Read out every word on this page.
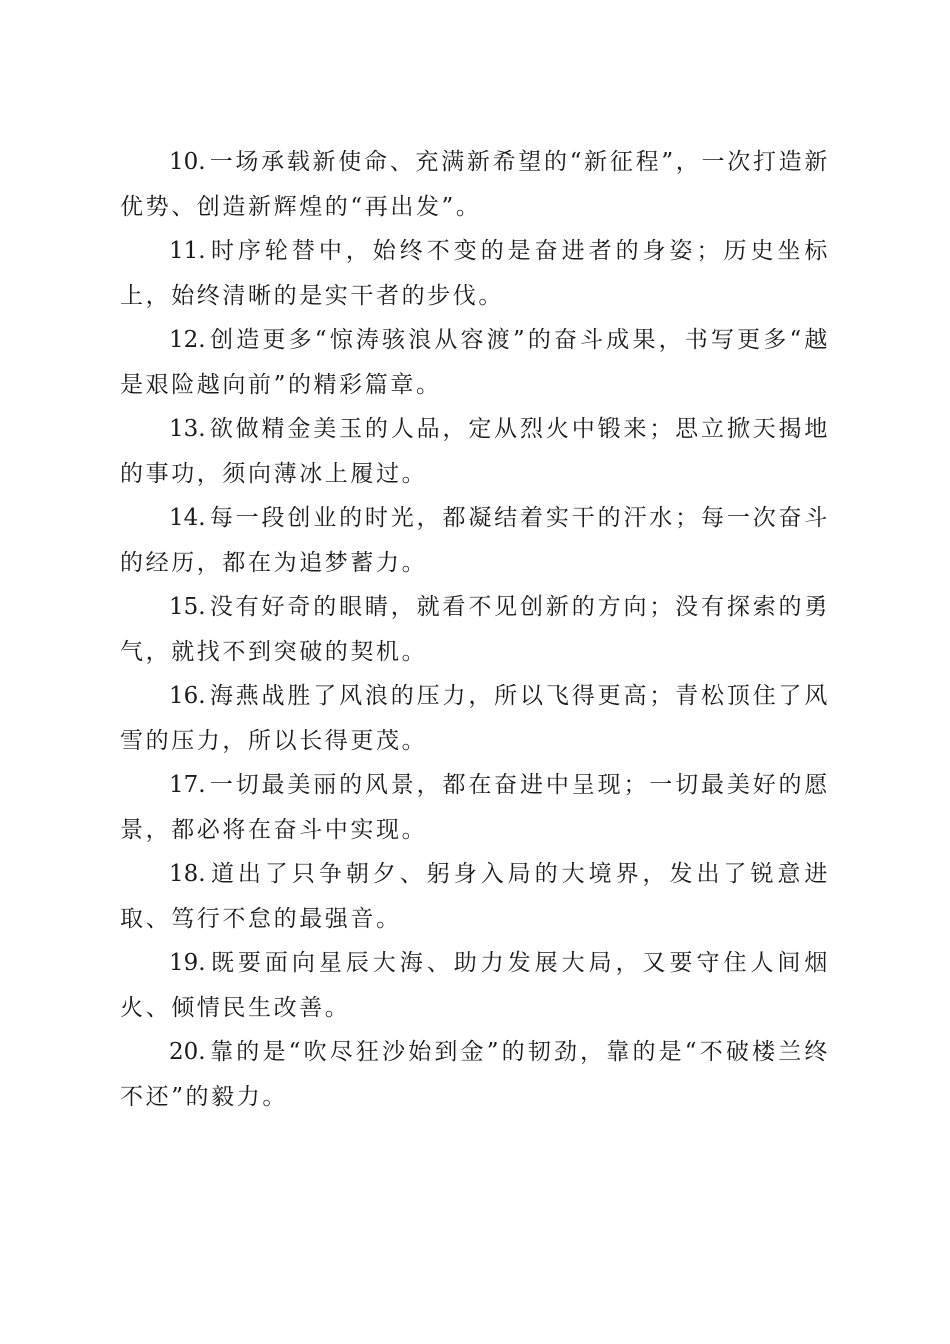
10. 一场承载新使命、充满新希望的“新征程”，一次打造新优势、创造新辉煌的“再出发”。

11. 时序轮替中，始终不变的是奋进者的身姿；历史坐标上，始终清晰的是实干者的步伐。

12. 创造更多“惊涛骇浪从容渡”的奋斗成果，书写更多“越是艰险越向前”的精彩篇章。

13. 欲做精金美玉的人品，定从烈火中锻来；思立掀天揭地的事功，须向薄冰上履过。

14. 每一段创业的时光，都凝结着实干的汗水；每一次奋斗的经历，都在为追梦蓄力。

15. 没有好奇的眼睛，就看不见创新的方向；没有探索的勇气，就找不到突破的契机。

16. 海燕战胜了风浪的压力，所以飞得更高；青松顶住了风雪的压力，所以长得更茂。

17. 一切最美丽的风景，都在奋进中呈现；一切最美好的愿景，都必将在奋斗中实现。

18. 道出了只争朝夕、躬身入局的大境界，发出了锐意进取、笃行不怠的最强音。

19. 既要面向星辰大海、助力发展大局，又要守住人间烟火、倾情民生改善。

20. 靠的是“吹尽狂沙始到金”的韧劲，靠的是“不破楼兰终不还”的毅力。
